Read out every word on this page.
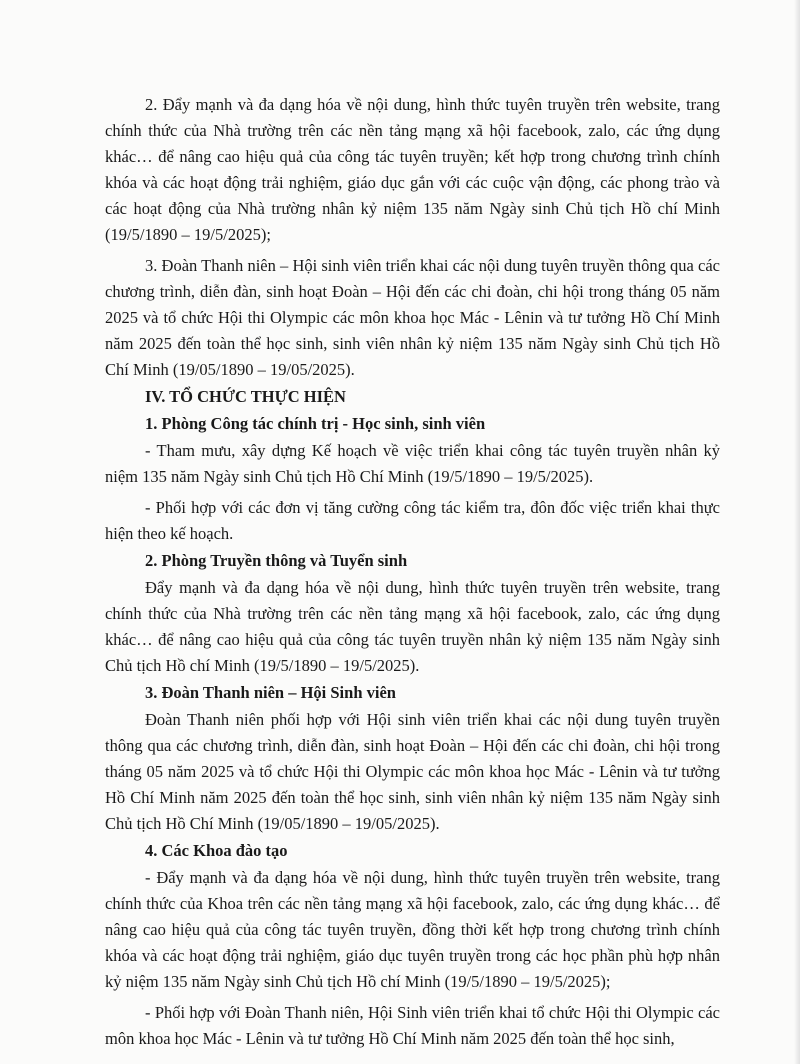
2. Đẩy mạnh và đa dạng hóa về nội dung, hình thức tuyên truyền trên website, trang chính thức của Nhà trường trên các nền tảng mạng xã hội facebook, zalo, các ứng dụng khác… để nâng cao hiệu quả của công tác tuyên truyền; kết hợp trong chương trình chính khóa và các hoạt động trải nghiệm, giáo dục gắn với các cuộc vận động, các phong trào và các hoạt động của Nhà trường nhân kỷ niệm 135 năm Ngày sinh Chủ tịch Hồ chí Minh (19/5/1890 – 19/5/2025);

3. Đoàn Thanh niên – Hội sinh viên triển khai các nội dung tuyên truyền thông qua các chương trình, diễn đàn, sinh hoạt Đoàn – Hội đến các chi đoàn, chi hội trong tháng 05 năm 2025 và tổ chức Hội thi Olympic các môn khoa học Mác - Lênin và tư tưởng Hồ Chí Minh năm 2025 đến toàn thể học sinh, sinh viên nhân kỷ niệm 135 năm Ngày sinh Chủ tịch Hồ Chí Minh (19/05/1890 – 19/05/2025).

IV. TỔ CHỨC THỰC HIỆN
1. Phòng Công tác chính trị - Học sinh, sinh viên

- Tham mưu, xây dựng Kế hoạch về việc triển khai công tác tuyên truyền nhân kỷ niệm 135 năm Ngày sinh Chủ tịch Hồ Chí Minh (19/5/1890 – 19/5/2025).

- Phối hợp với các đơn vị tăng cường công tác kiểm tra, đôn đốc việc triển khai thực hiện theo kế hoạch.

2. Phòng Truyền thông và Tuyển sinh

Đẩy mạnh và đa dạng hóa về nội dung, hình thức tuyên truyền trên website, trang chính thức của Nhà trường trên các nền tảng mạng xã hội facebook, zalo, các ứng dụng khác… để nâng cao hiệu quả của công tác tuyên truyền nhân kỷ niệm 135 năm Ngày sinh Chủ tịch Hồ chí Minh (19/5/1890 – 19/5/2025).

3. Đoàn Thanh niên – Hội Sinh viên

Đoàn Thanh niên phối hợp với Hội sinh viên triển khai các nội dung tuyên truyền thông qua các chương trình, diễn đàn, sinh hoạt Đoàn – Hội đến các chi đoàn, chi hội trong tháng 05 năm 2025 và tổ chức Hội thi Olympic các môn khoa học Mác - Lênin và tư tưởng Hồ Chí Minh năm 2025 đến toàn thể học sinh, sinh viên nhân kỷ niệm 135 năm Ngày sinh Chủ tịch Hồ Chí Minh (19/05/1890 – 19/05/2025).

4. Các Khoa đào tạo

- Đẩy mạnh và đa dạng hóa về nội dung, hình thức tuyên truyền trên website, trang chính thức của Khoa trên các nền tảng mạng xã hội facebook, zalo, các ứng dụng khác… để nâng cao hiệu quả của công tác tuyên truyền, đồng thời kết hợp trong chương trình chính khóa và các hoạt động trải nghiệm, giáo dục tuyên truyền trong các học phần phù hợp nhân kỷ niệm 135 năm Ngày sinh Chủ tịch Hồ chí Minh (19/5/1890 – 19/5/2025);

- Phối hợp với Đoàn Thanh niên, Hội Sinh viên triển khai tổ chức Hội thi Olympic các môn khoa học Mác - Lênin và tư tưởng Hồ Chí Minh năm 2025 đến toàn thể học sinh,
